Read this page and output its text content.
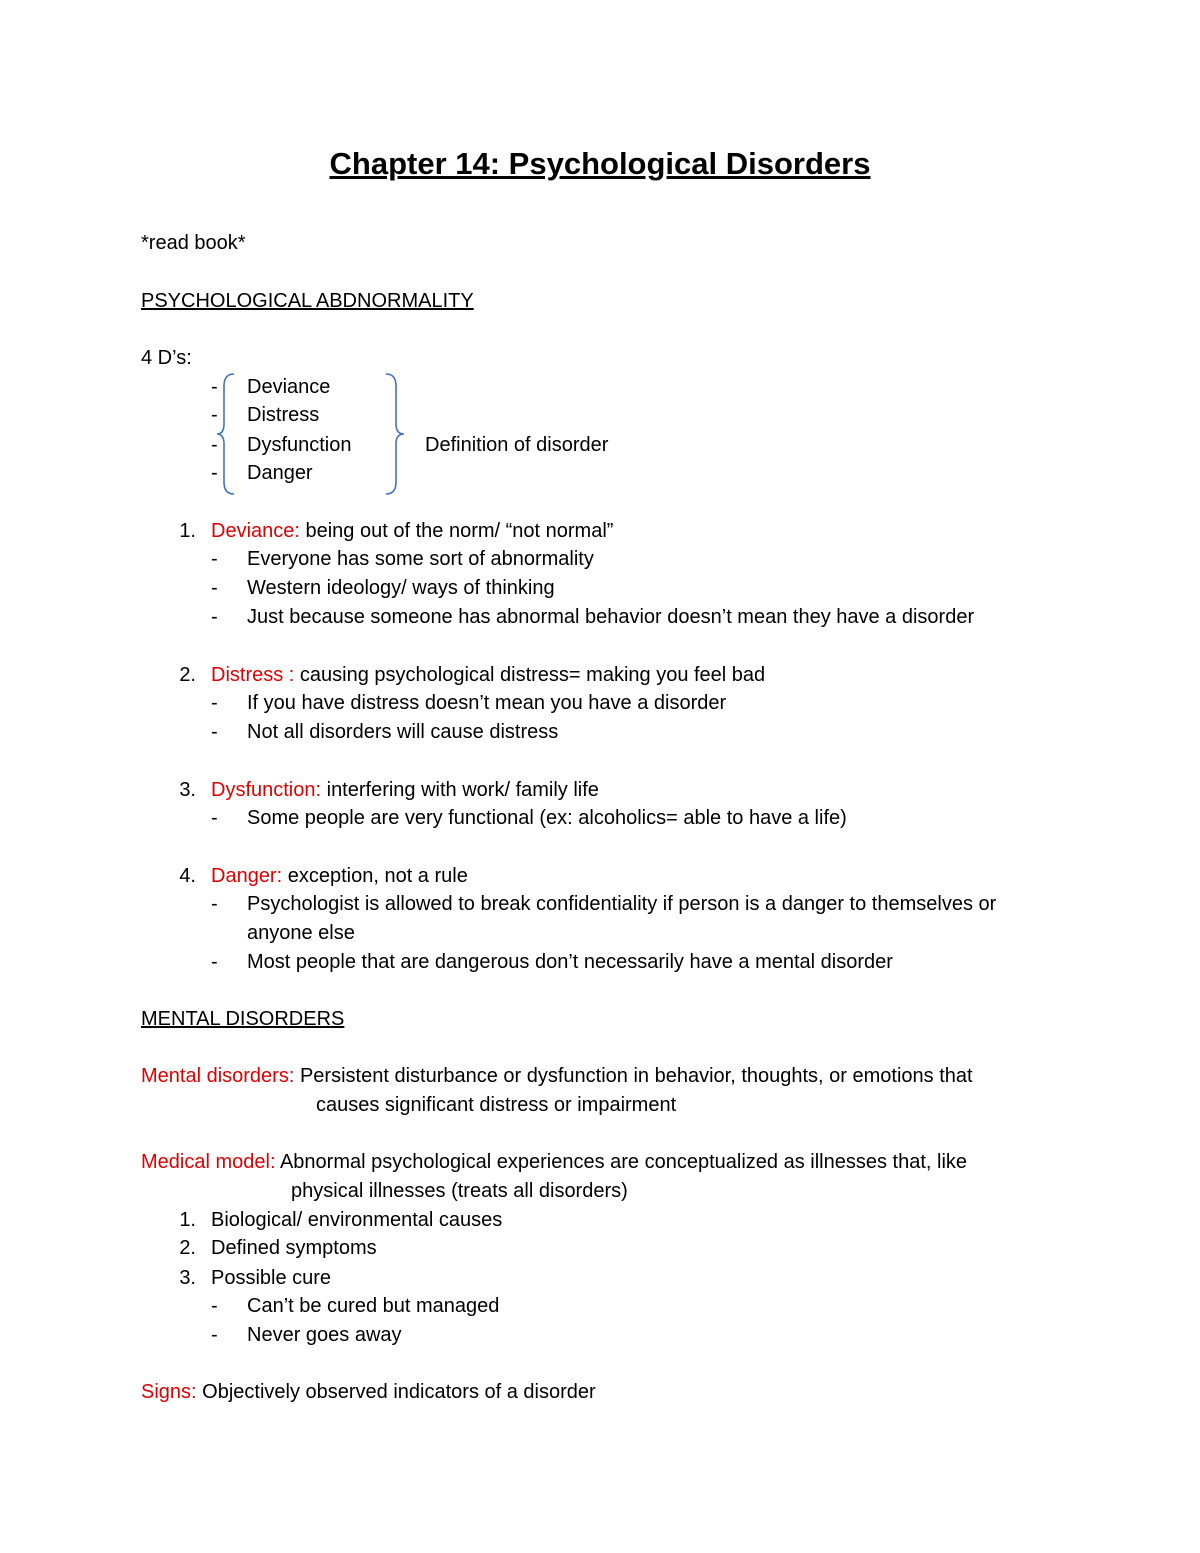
Chapter 14: Psychological Disorders
*read book*
PSYCHOLOGICAL ABDNORMALITY
4 D’s:
- Deviance
- Distress
- Dysfunction
- Danger
Definition of disorder
1. Deviance: being out of the norm/ “not normal”
- Everyone has some sort of abnormality
- Western ideology/ ways of thinking
- Just because someone has abnormal behavior doesn’t mean they have a disorder
2. Distress : causing psychological distress= making you feel bad
- If you have distress doesn’t mean you have a disorder
- Not all disorders will cause distress
3. Dysfunction: interfering with work/ family life
- Some people are very functional (ex: alcoholics= able to have a life)
4. Danger: exception, not a rule
- Psychologist is allowed to break confidentiality if person is a danger to themselves or
anyone else
- Most people that are dangerous don’t necessarily have a mental disorder
MENTAL DISORDERS
Mental disorders: Persistent disturbance or dysfunction in behavior, thoughts, or emotions that
causes significant distress or impairment
Medical model: Abnormal psychological experiences are conceptualized as illnesses that, like
physical illnesses (treats all disorders)
1. Biological/ environmental causes
2. Defined symptoms
3. Possible cure
- Can’t be cured but managed
- Never goes away
Signs: Objectively observed indicators of a disorder
